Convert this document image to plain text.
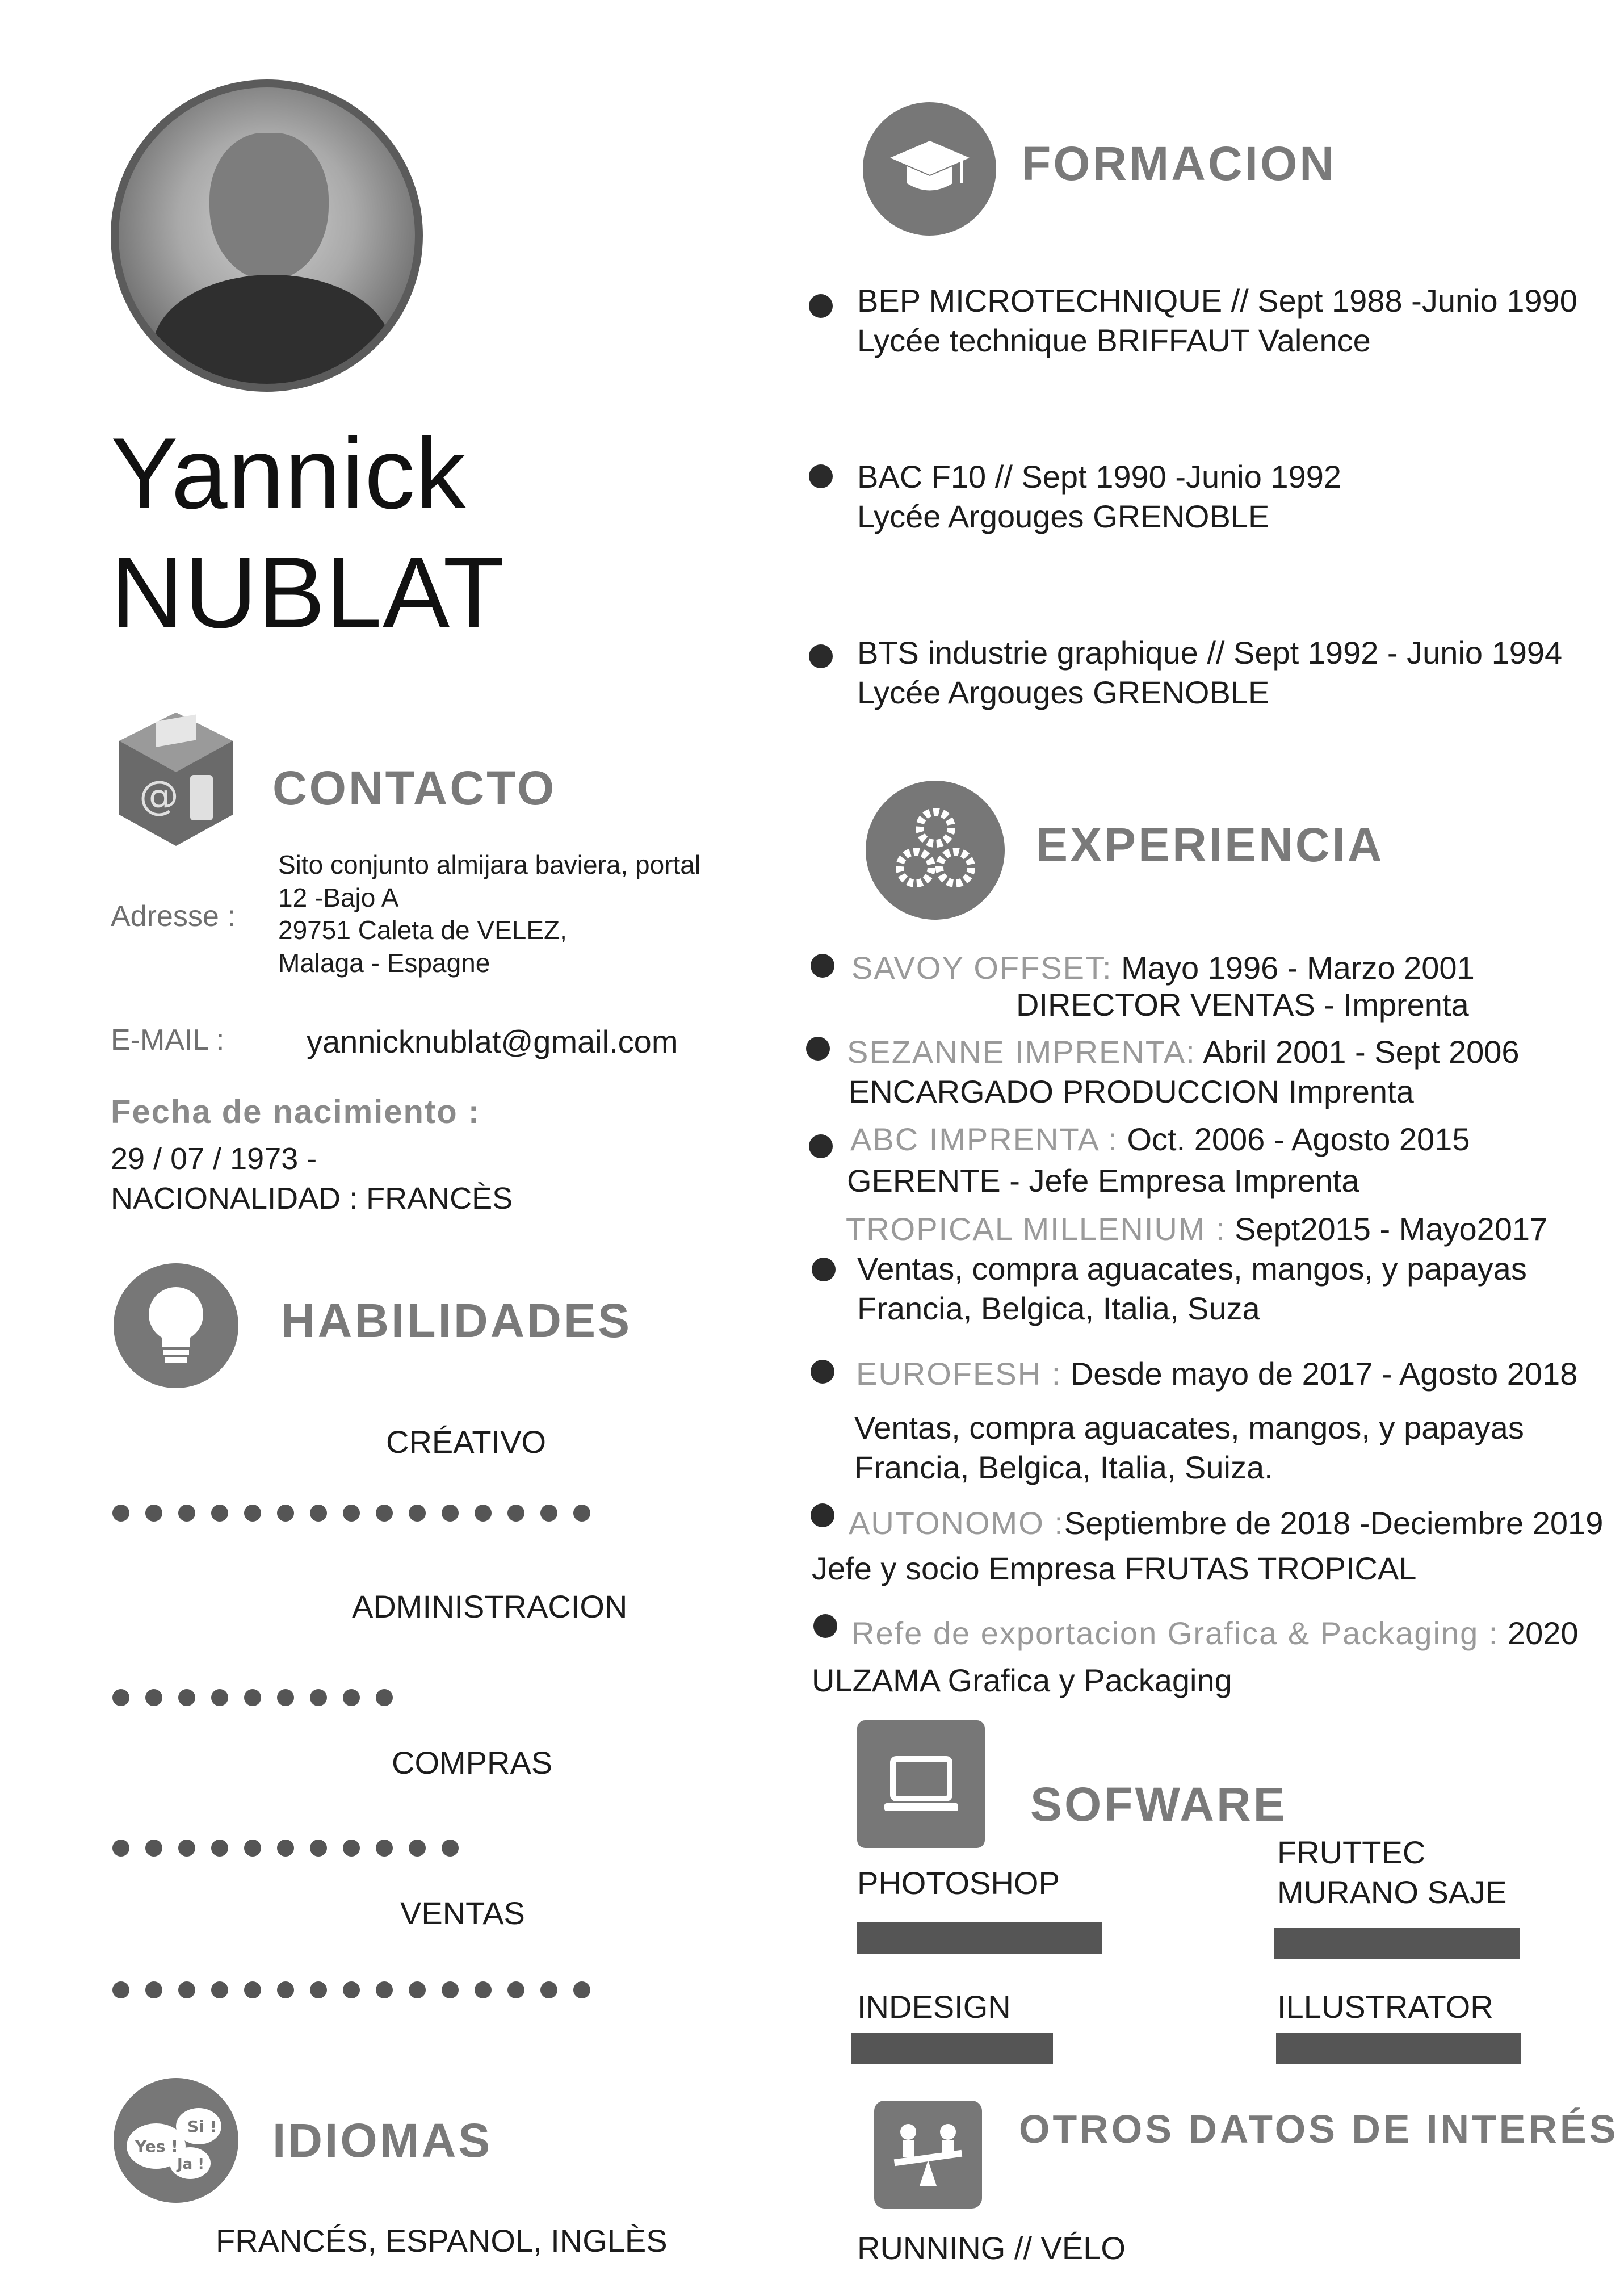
Yannick
NUBLAT
@ CONTACTO
Adresse :
Sito conjunto almijara baviera, portal
12 -Bajo A
29751 Caleta de VELEZ,
Malaga - Espagne
E-MAIL :	yannicknublat@gmail.com
Fecha de nacimiento :
29 / 07 / 1973 -
NACIONALIDAD : FRANCÈS
HABILIDADES
CRÉATIVO
ADMINISTRACION
COMPRAS
VENTAS
Yes !
Si !
Ja ! IDIOMAS
FRANCÉS, ESPANOL, INGLÈS
FORMACION
BEP MICROTECHNIQUE // Sept 1988 -Junio 1990
Lycée technique BRIFFAUT Valence
BAC F10 // Sept 1990 -Junio 1992
Lycée Argouges GRENOBLE
BTS industrie graphique // Sept 1992 - Junio 1994
Lycée Argouges GRENOBLE
EXPERIENCIA
SAVOY OFFSET: Mayo 1996 - Marzo 2001
DIRECTOR VENTAS - Imprenta
SEZANNE IMPRENTA: Abril 2001 - Sept 2006
ENCARGADO PRODUCCION Imprenta
ABC IMPRENTA : Oct. 2006 - Agosto 2015
GERENTE - Jefe Empresa Imprenta
TROPICAL MILLENIUM : Sept2015 - Mayo2017
Ventas, compra aguacates, mangos, y papayas
Francia, Belgica, Italia, Suza
EUROFESH : Desde mayo de 2017 - Agosto 2018
Ventas, compra aguacates, mangos, y papayas
Francia, Belgica, Italia, Suiza.
AUTONOMO :Septiembre de 2018 -Deciembre 2019
Jefe y socio Empresa FRUTAS TROPICAL
Refe de exportacion Grafica & Packaging : 2020
ULZAMA Grafica y Packaging
SOFWARE
PHOTOSHOP
FRUTTEC
MURANO SAJE
INDESIGN	ILLUSTRATOR
OTROS DATOS DE INTERÉS
RUNNING // VÉLO
